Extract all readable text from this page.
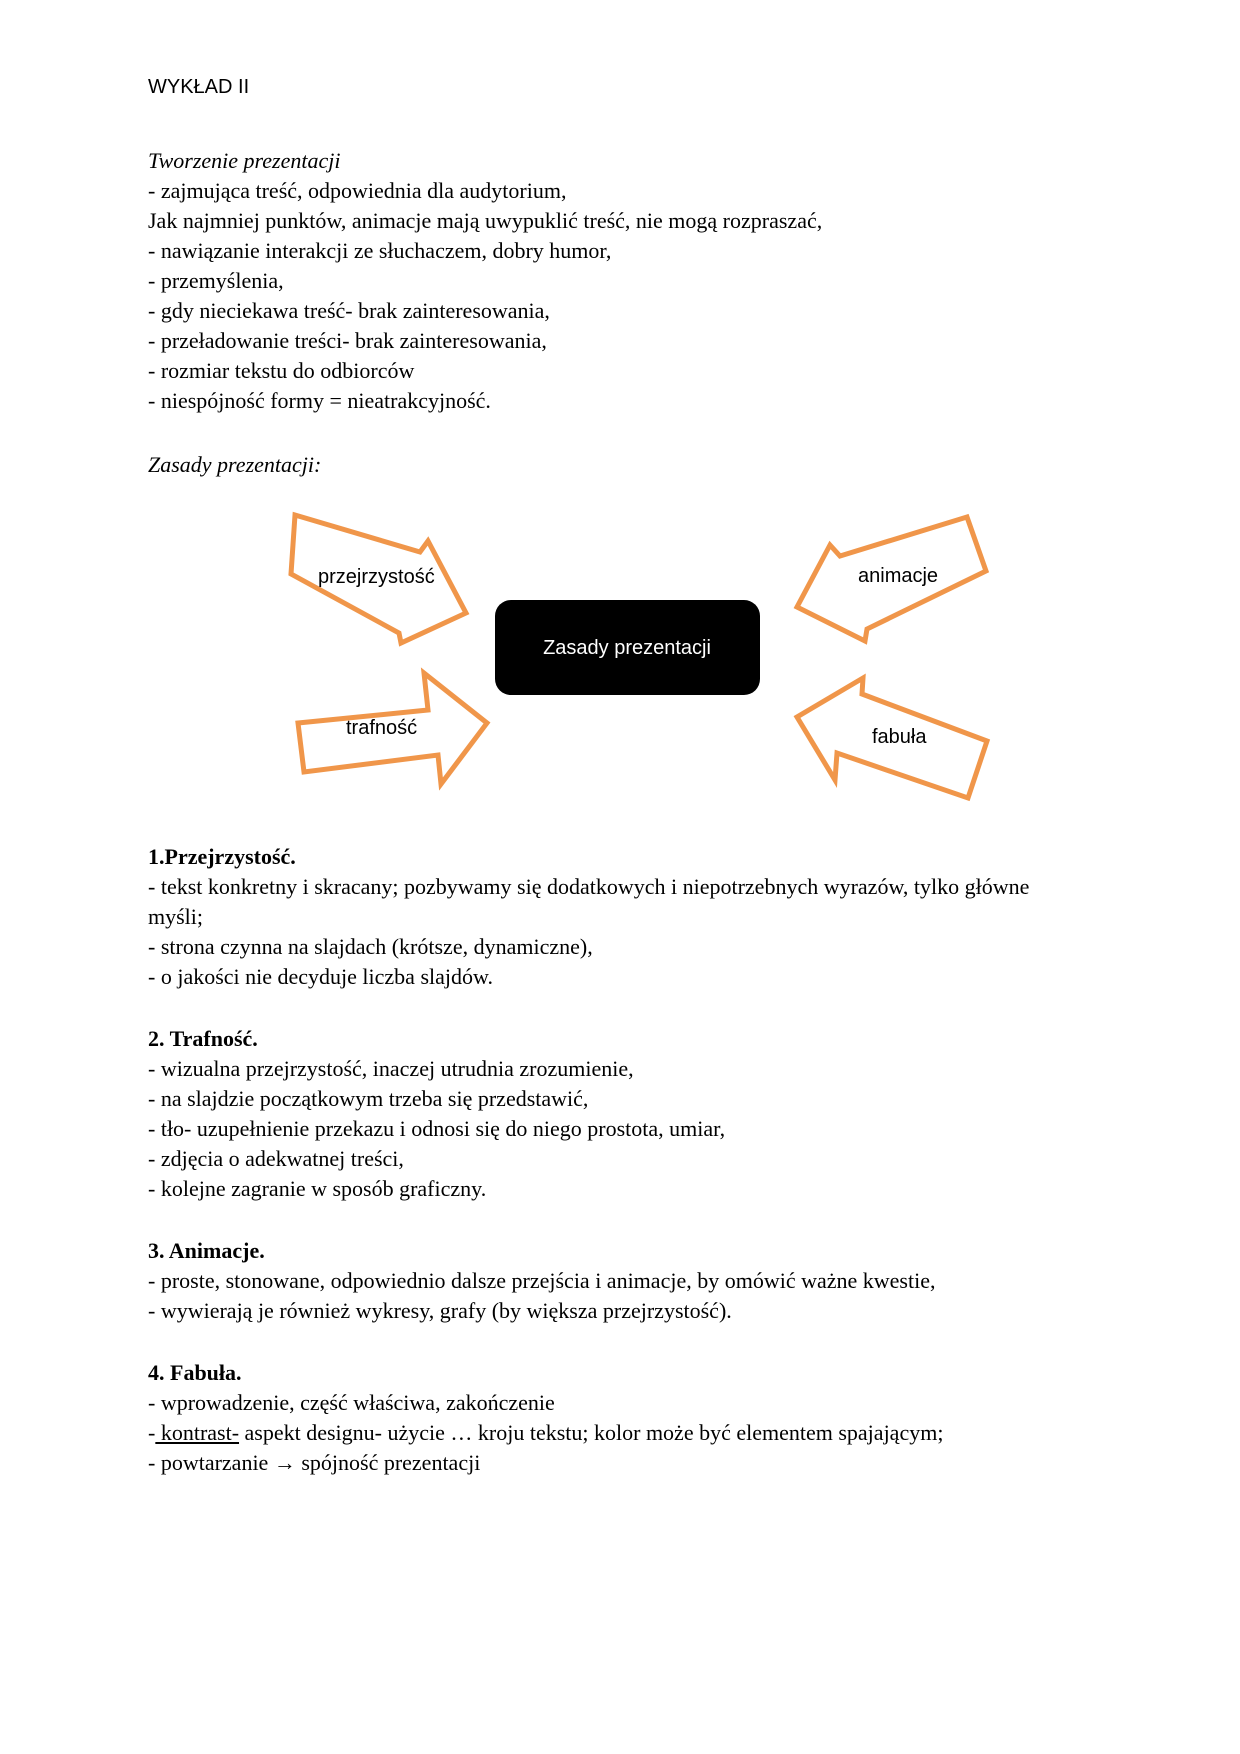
WYKŁAD II

Tworzenie prezentacji

- zajmująca treść, odpowiednia dla audytorium,

Jak najmniej punktów, animacje mają uwypuklić treść, nie mogą rozpraszać,

- nawiązanie interakcji ze słuchaczem, dobry humor,

- przemyślenia,

- gdy nieciekawa treść- brak zainteresowania,

- przeładowanie treści- brak zainteresowania,

- rozmiar tekstu do odbiorców

- niespójność formy = nieatrakcyjność.

Zasady prezentacji:

przejrzystość	animacje
Zasady prezentacji
trafność	fabuła

1.Przejrzystość.

- tekst konkretny i skracany; pozbywamy się dodatkowych i niepotrzebnych wyrazów, tylko główne

myśli;

- strona czynna na slajdach (krótsze, dynamiczne),

- o jakości nie decyduje liczba slajdów.

2. Trafność.

- wizualna przejrzystość, inaczej utrudnia zrozumienie,

- na slajdzie początkowym trzeba się przedstawić,

- tło- uzupełnienie przekazu i odnosi się do niego prostota, umiar,

- zdjęcia o adekwatnej treści,

- kolejne zagranie w sposób graficzny.

3. Animacje.

- proste, stonowane, odpowiednio dalsze przejścia i animacje, by omówić ważne kwestie,

- wywierają je również wykresy, grafy (by większa przejrzystość).

4. Fabuła.

- wprowadzenie, część właściwa, zakończenie

- kontrast- aspekt designu- użycie … kroju tekstu; kolor może być elementem spajającym;

- powtarzanie → spójność prezentacji
